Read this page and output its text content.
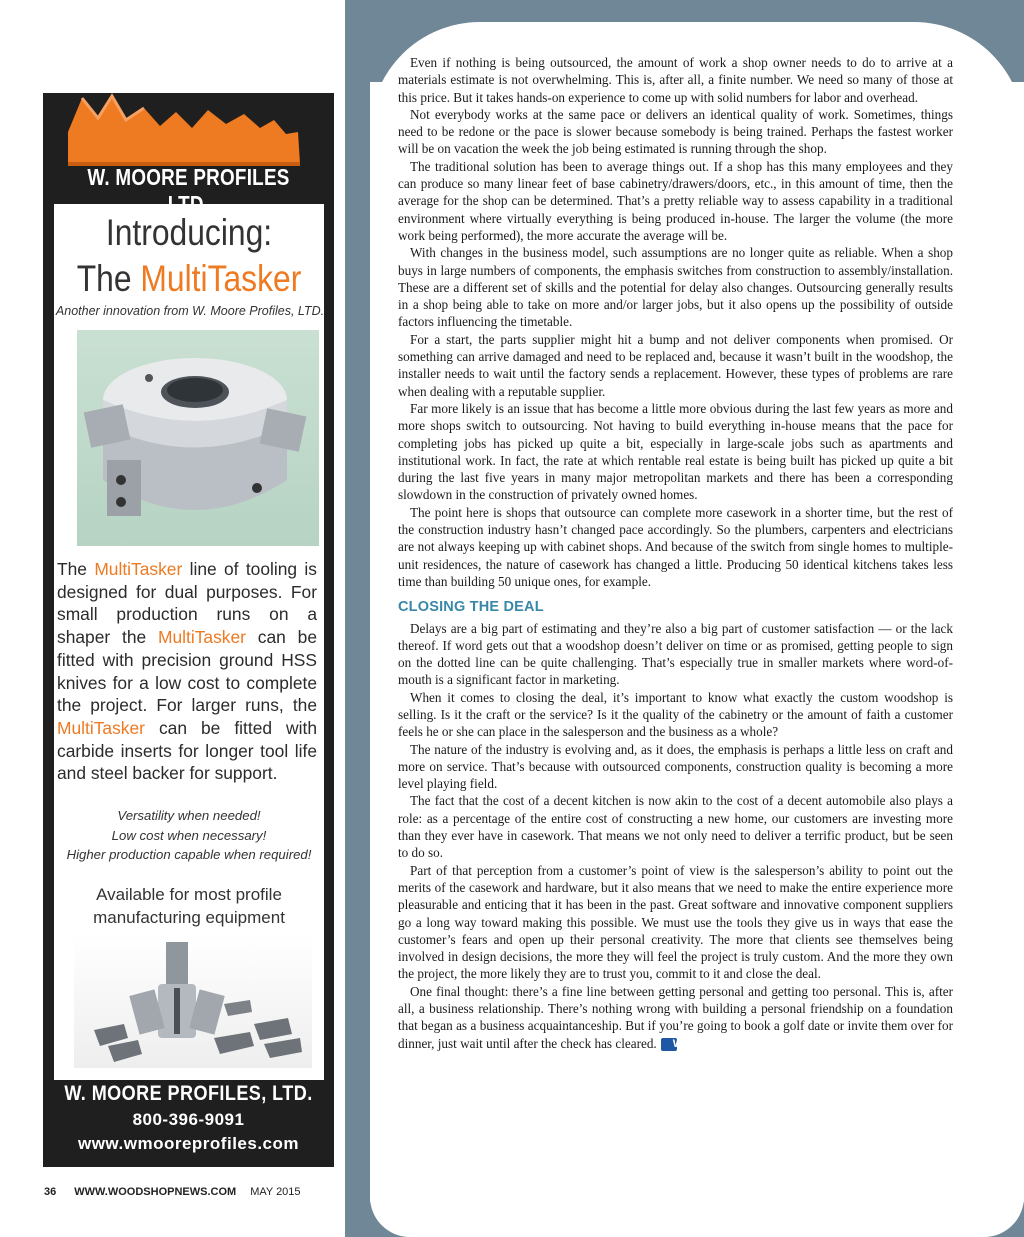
Even if nothing is being outsourced, the amount of work a shop owner needs to do to arrive at a materials estimate is not overwhelming. This is, after all, a finite number. We need so many of those at this price. But it takes hands-on experience to come up with solid numbers for labor and overhead.

Not everybody works at the same pace or delivers an identical quality of work. Sometimes, things need to be redone or the pace is slower because somebody is being trained. Perhaps the fastest worker will be on vacation the week the job being estimated is running through the shop.

The traditional solution has been to average things out. If a shop has this many employees and they can produce so many linear feet of base cabinetry/drawers/doors, etc., in this amount of time, then the average for the shop can be determined. That’s a pretty reliable way to assess capability in a traditional environment where virtually everything is being produced in-house. The larger the volume (the more work being performed), the more accurate the average will be.

With changes in the business model, such assumptions are no longer quite as reliable. When a shop buys in large numbers of components, the emphasis switches from construction to assembly/installation. These are a different set of skills and the potential for delay also changes. Outsourcing generally results in a shop being able to take on more and/or larger jobs, but it also opens up the possibility of outside factors influencing the timetable.

For a start, the parts supplier might hit a bump and not deliver components when promised. Or something can arrive damaged and need to be replaced and, because it wasn’t built in the woodshop, the installer needs to wait until the factory sends a replacement. However, these types of problems are rare when dealing with a reputable supplier.

Far more likely is an issue that has become a little more obvious during the last few years as more and more shops switch to outsourcing. Not having to build everything in-house means that the pace for completing jobs has picked up quite a bit, especially in large-scale jobs such as apartments and institutional work. In fact, the rate at which rentable real estate is being built has picked up quite a bit during the last five years in many major metropolitan markets and there has been a corresponding slowdown in the construction of privately owned homes.

The point here is shops that outsource can complete more casework in a shorter time, but the rest of the construction industry hasn’t changed pace accordingly. So the plumbers, carpenters and electricians are not always keeping up with cabinet shops. And because of the switch from single homes to multiple-unit residences, the nature of casework has changed a little. Producing 50 identical kitchens takes less time than building 50 unique ones, for example.

CLOSING THE DEAL

Delays are a big part of estimating and they’re also a big part of customer satisfaction — or the lack thereof. If word gets out that a woodshop doesn’t deliver on time or as promised, getting people to sign on the dotted line can be quite challenging. That’s especially true in smaller markets where word-of-mouth is a significant factor in marketing.

When it comes to closing the deal, it’s important to know what exactly the custom woodshop is selling. Is it the craft or the service? Is it the quality of the cabinetry or the amount of faith a customer feels he or she can place in the salesperson and the business as a whole?

The nature of the industry is evolving and, as it does, the emphasis is perhaps a little less on craft and more on service. That’s because with outsourced components, construction quality is becoming a more level playing field.

The fact that the cost of a decent kitchen is now akin to the cost of a decent automobile also plays a role: as a percentage of the entire cost of constructing a new home, our customers are investing more than they ever have in casework. That means we not only need to deliver a terrific product, but be seen to do so.

Part of that perception from a customer’s point of view is the salesperson’s ability to point out the merits of the casework and hardware, but it also means that we need to make the entire experience more pleasurable and enticing that it has been in the past. Great software and innovative component suppliers go a long way toward making this possible. We must use the tools they give us in ways that ease the customer’s fears and open up their personal creativity. The more that clients see themselves being involved in design decisions, the more they will feel the project is truly custom. And the more they own the project, the more likely they are to trust you, commit to it and close the deal.

One final thought: there’s a fine line between getting personal and getting too personal. This is, after all, a business relationship. There’s nothing wrong with building a personal friendship on a foundation that began as a business acquaintanceship. But if you’re going to book a golf date or invite them over for dinner, just wait until after the check has cleared. W

W. MOORE PROFILES
Introducing:
The MultiTasker
Another innovation from W. Moore Profiles, LTD.
The MultiTasker line of tooling is designed for dual purposes. For small production runs on a shaper the MultiTasker can be fitted with precision ground HSS knives for a low cost to complete the project. For larger runs, the MultiTasker can be fitted with carbide inserts for longer tool life and steel backer for support.
Versatility when needed!
Low cost when necessary!
Higher production capable when required!
Available for most profile
manufacturing equipment
W. MOORE PROFILES, LTD.
800-396-9091
www.wmooreprofiles.com
36 WWW.WOODSHOPNEWS.COM MAY 2015
